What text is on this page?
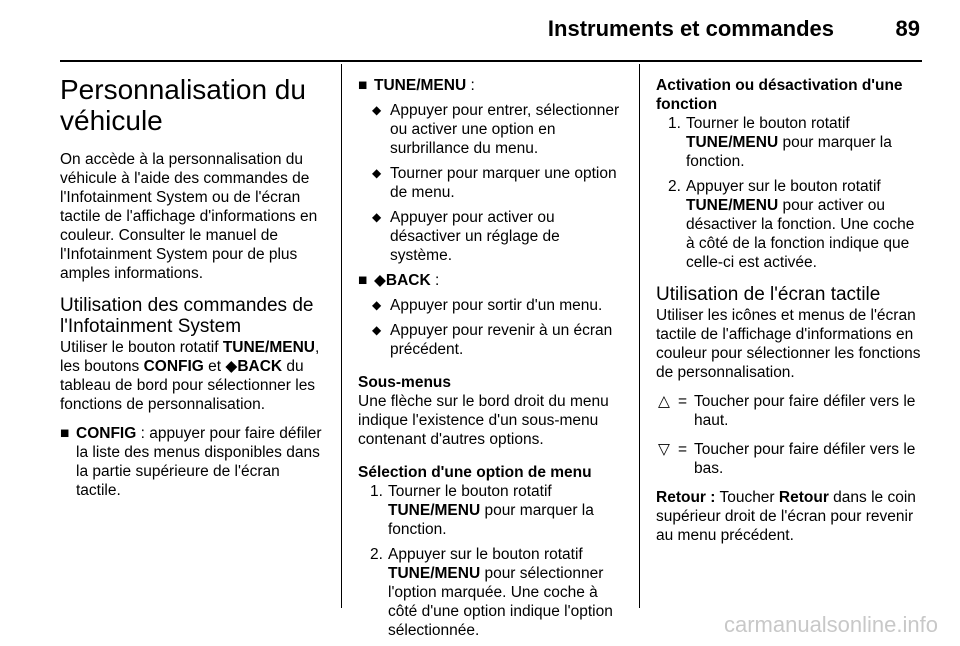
Instruments et commandes	89
Personnalisation du véhicule

On accède à la personnalisation du véhicule à l'aide des commandes de l'Infotainment System ou de l'écran tactile de l'affichage d'informations en couleur. Consulter le manuel de l'Infotainment System pour de plus amples informations.

Utilisation des commandes de l'Infotainment System

Utiliser le bouton rotatif TUNE/MENU, les boutons CONFIG et ◆BACK du tableau de bord pour sélectionner les fonctions de personnalisation.

■ CONFIG : appuyer pour faire défiler la liste des menus disponibles dans la partie supérieure de l'écran tactile.
■ TUNE/MENU :
◆ Appuyer pour entrer, sélectionner ou activer une option en surbrillance du menu.
◆ Tourner pour marquer une option de menu.
◆ Appuyer pour activer ou désactiver un réglage de système.
■ ◆BACK :
◆ Appuyer pour sortir d'un menu.
◆ Appuyer pour revenir à un écran précédent.
Sous-menus

Une flèche sur le bord droit du menu indique l'existence d'un sous-menu contenant d'autres options.

Sélection d'une option de menu
1. Tourner le bouton rotatif TUNE/MENU pour marquer la fonction.
2. Appuyer sur le bouton rotatif TUNE/MENU pour sélectionner l'option marquée. Une coche à côté d'une option indique l'option sélectionnée.
Activation ou désactivation d'une fonction
1. Tourner le bouton rotatif TUNE/MENU pour marquer la fonction.
2. Appuyer sur le bouton rotatif TUNE/MENU pour activer ou désactiver la fonction. Une coche à côté de la fonction indique que celle-ci est activée.
Utilisation de l'écran tactile

Utiliser les icônes et menus de l'écran tactile de l'affichage d'informations en couleur pour sélectionner les fonctions de personnalisation.

△ = Toucher pour faire défiler vers le haut.
▽ = Toucher pour faire défiler vers le bas.

Retour : Toucher Retour dans le coin supérieur droit de l'écran pour revenir au menu précédent.

carmanualsonline.info
